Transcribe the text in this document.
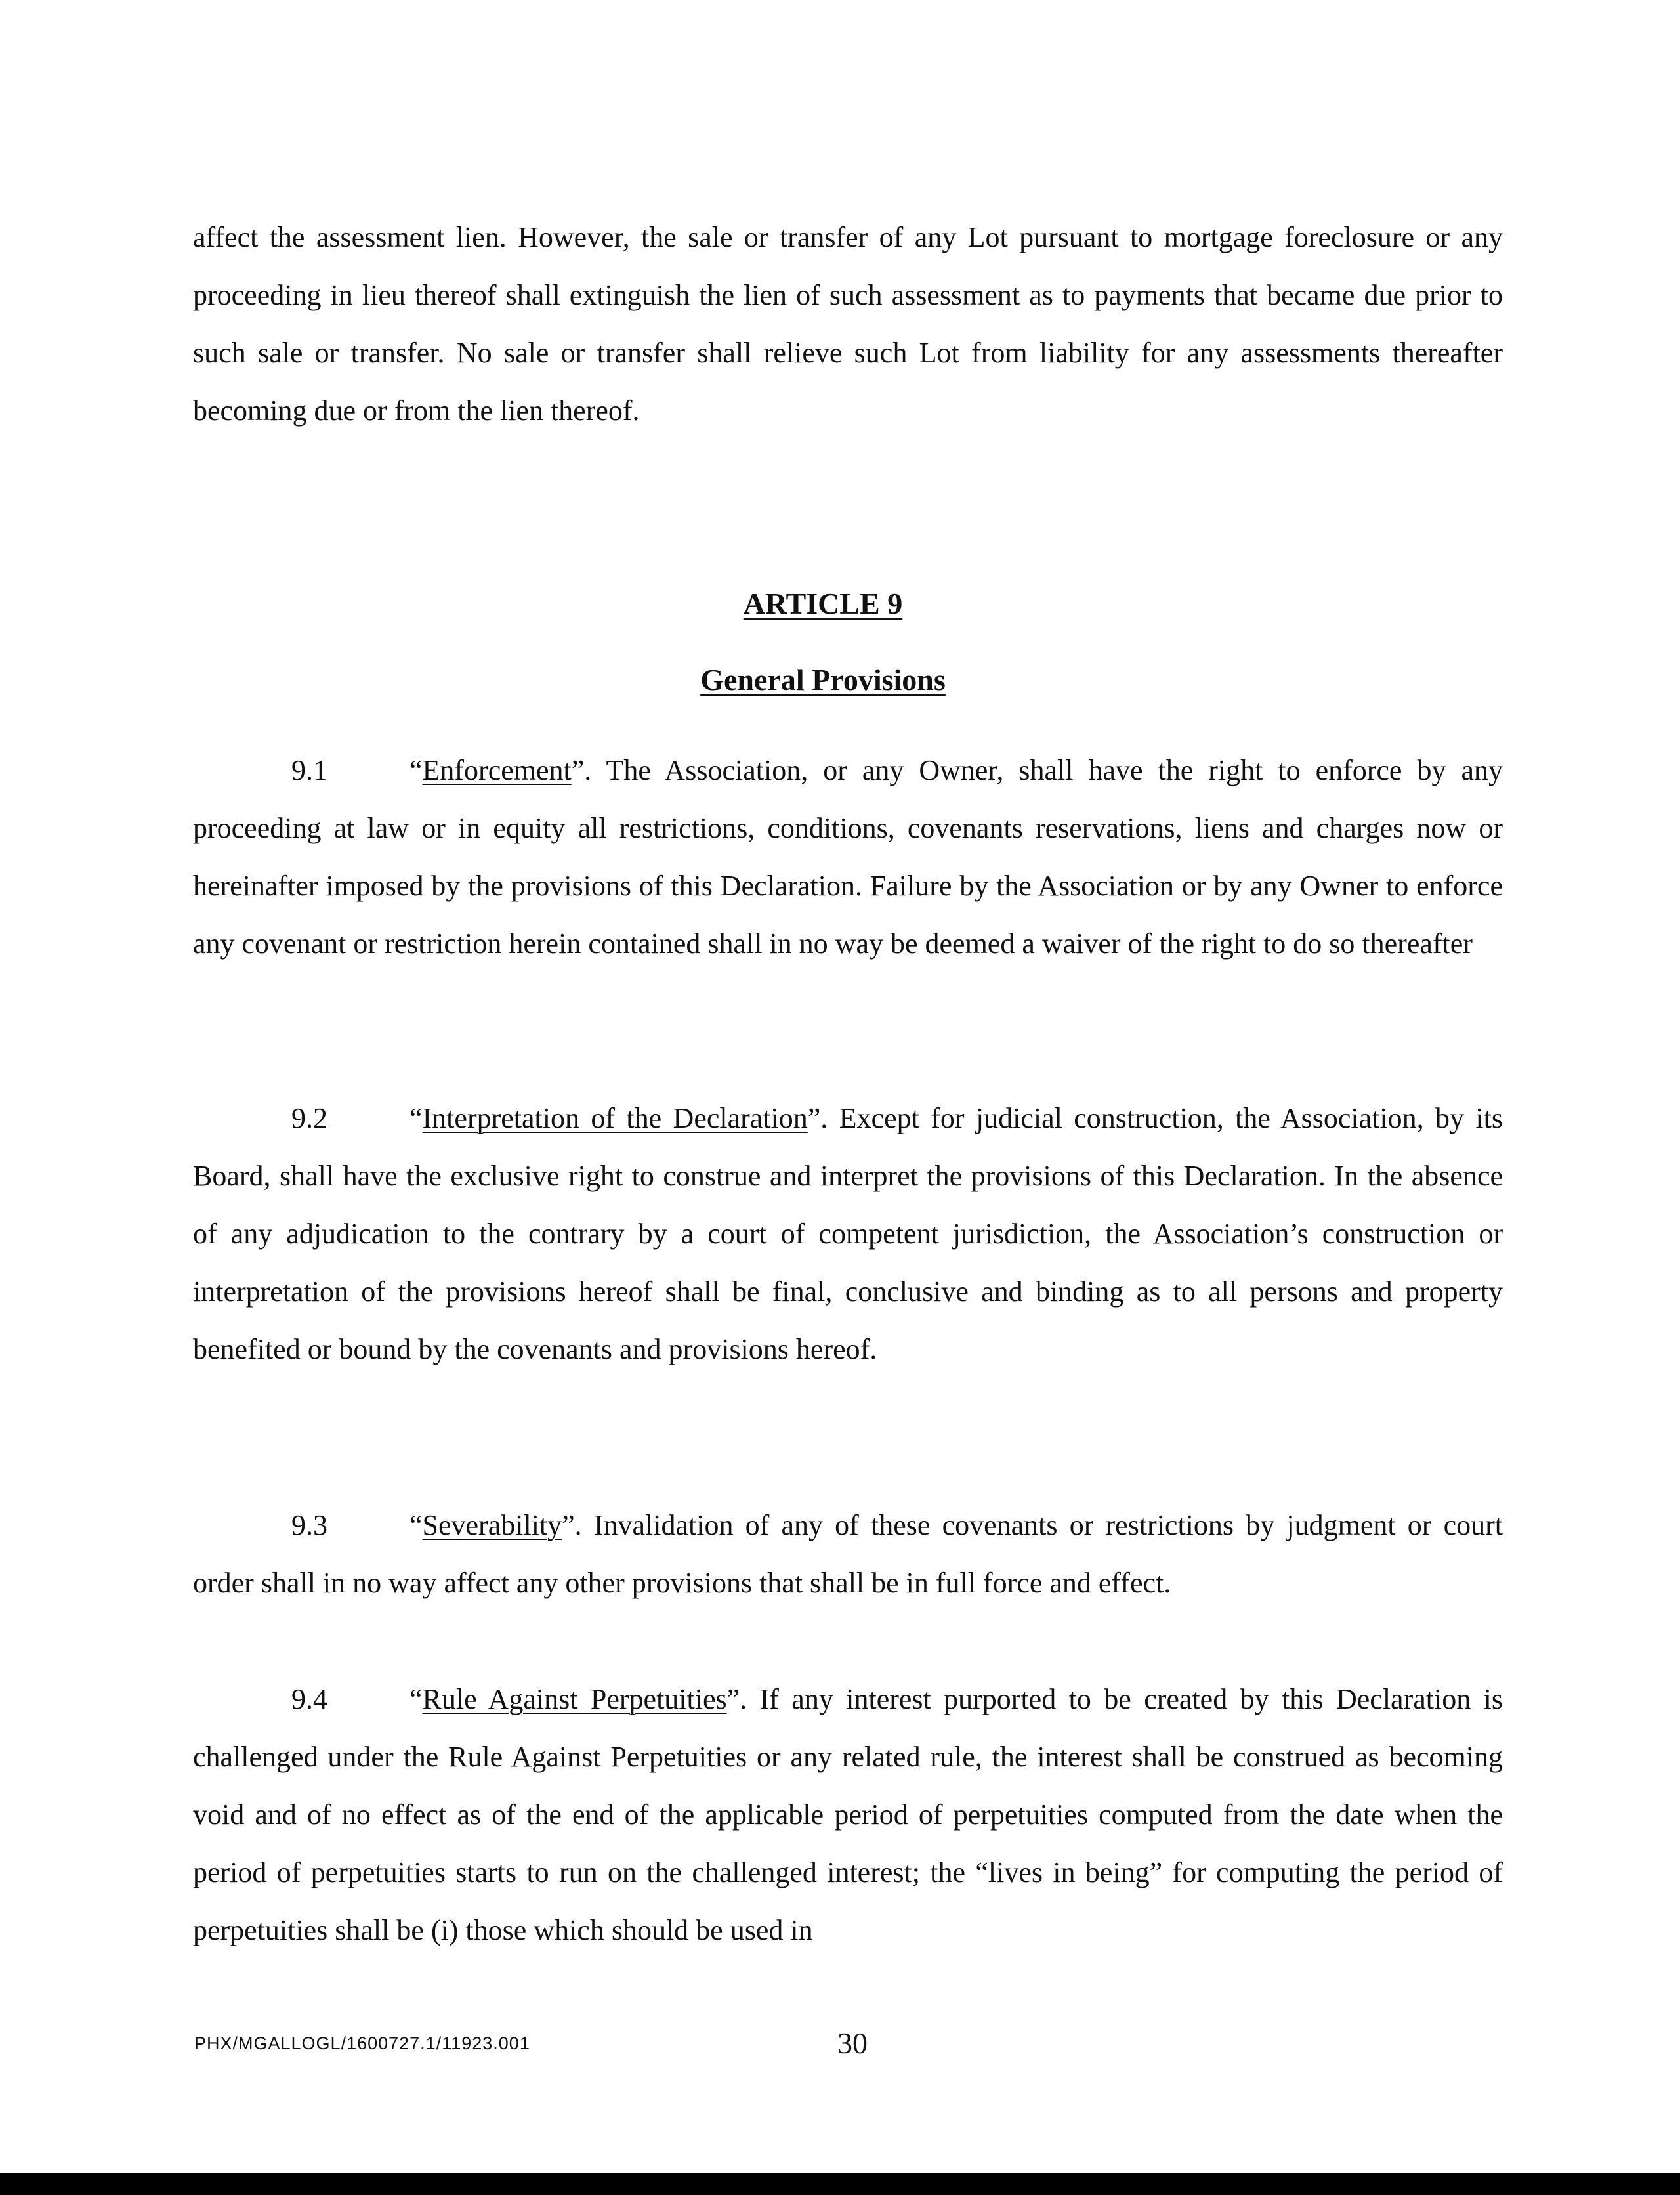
affect the assessment lien. However, the sale or transfer of any Lot pursuant to mortgage foreclosure or any proceeding in lieu thereof shall extinguish the lien of such assessment as to payments that became due prior to such sale or transfer. No sale or transfer shall relieve such Lot from liability for any assessments thereafter becoming due or from the lien thereof.
ARTICLE 9
General Provisions
9.1	“Enforcement”. The Association, or any Owner, shall have the right to enforce by any proceeding at law or in equity all restrictions, conditions, covenants reservations, liens and charges now or hereinafter imposed by the provisions of this Declaration. Failure by the Association or by any Owner to enforce any covenant or restriction herein contained shall in no way be deemed a waiver of the right to do so thereafter
9.2	“Interpretation of the Declaration”. Except for judicial construction, the Association, by its Board, shall have the exclusive right to construe and interpret the provisions of this Declaration. In the absence of any adjudication to the contrary by a court of competent jurisdiction, the Association’s construction or interpretation of the provisions hereof shall be final, conclusive and binding as to all persons and property benefited or bound by the covenants and provisions hereof.
9.3	“Severability”. Invalidation of any of these covenants or restrictions by judgment or court order shall in no way affect any other provisions that shall be in full force and effect.
9.4	“Rule Against Perpetuities”. If any interest purported to be created by this Declaration is challenged under the Rule Against Perpetuities or any related rule, the interest shall be construed as becoming void and of no effect as of the end of the applicable period of perpetuities computed from the date when the period of perpetuities starts to run on the challenged interest; the “lives in being” for computing the period of perpetuities shall be (i) those which should be used in
PHX/MGALLOGL/1600727.1/11923.001	30
